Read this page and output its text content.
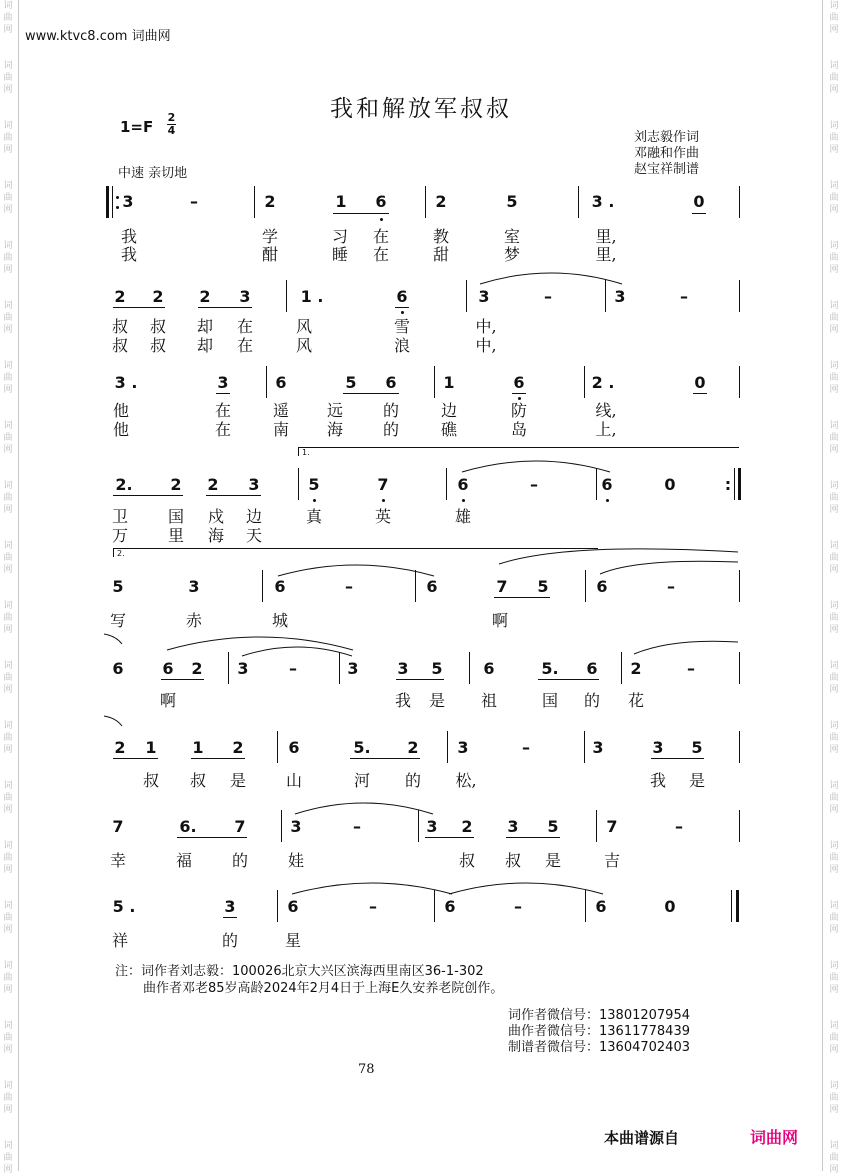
词
曲
网
词
曲
网
词
曲
网
词
曲
网
词
曲
网
词
曲
网
词
曲
网
词
曲
网
词
曲
网
词
曲
网
词
曲
网
词
曲
网
词
曲
网
词
曲
网
词
曲
网
词
曲
网
词
曲
网
词
曲
网
词
曲
网
词
曲
网
词
曲
网
词
曲
网
词
曲
网
词
曲
网
词
曲
网
词
曲
网
词
曲
网
词
曲
网
词
曲
网
词
曲
网
词
曲
网
词
曲
网
词
曲
网
词
曲
网
词
曲
网
词
曲
网
词
曲
网
词
曲
网
词
曲
网
词
曲
网
www.ktvc8.com 词曲网
我和解放军叔叔
1=F
2
4	刘志毅作词
邓融和作曲
赵宝祥制谱
中速 亲切地
3	–	2	1 6	2	5	3 .	0
我	学	习 在	教	室	里,
我	酣	睡 在	甜	梦	里,
2 2 2 3	1 .	6	3	–	3	–
叔 叔 却 在	风	雪	中,
叔 叔 却 在	风	浪	中,
3 .	3	6	5 6	1	6	2 .	0
他	在	遥 远 的	边	防	线,
他	在	南 海 的	礁	岛	上,
1.
2. 2 2 3	5	7	6	–	6	0	:
卫 国 戍 边	真	英	雄
万 里 海 天
2.
5	3	6	–	6	7 5	6	–
写	赤	城	啊
6 6 2 3	–	3 3 5	6	5. 6 2	–
啊	我 是 祖	国 的 花
2 1 1 2	6	5. 2 3	–	3	3 5
叔 叔 是 山	河 的 松,	我 是
7	6. 7	3	–	3 2 3 5	7	–
幸	福 的 娃	叔 叔 是	吉
5 .	3	6	–	6	–	6	0
祥	的	星
注：词作者刘志毅：100026北京大兴区滨海西里南区36-1-302
曲作者邓老85岁高龄2024年2月4日于上海E久安养老院创作。
词作者微信号：13801207954
曲作者微信号：13611778439
制谱者微信号：13604702403
78
本曲谱源自	词曲网
